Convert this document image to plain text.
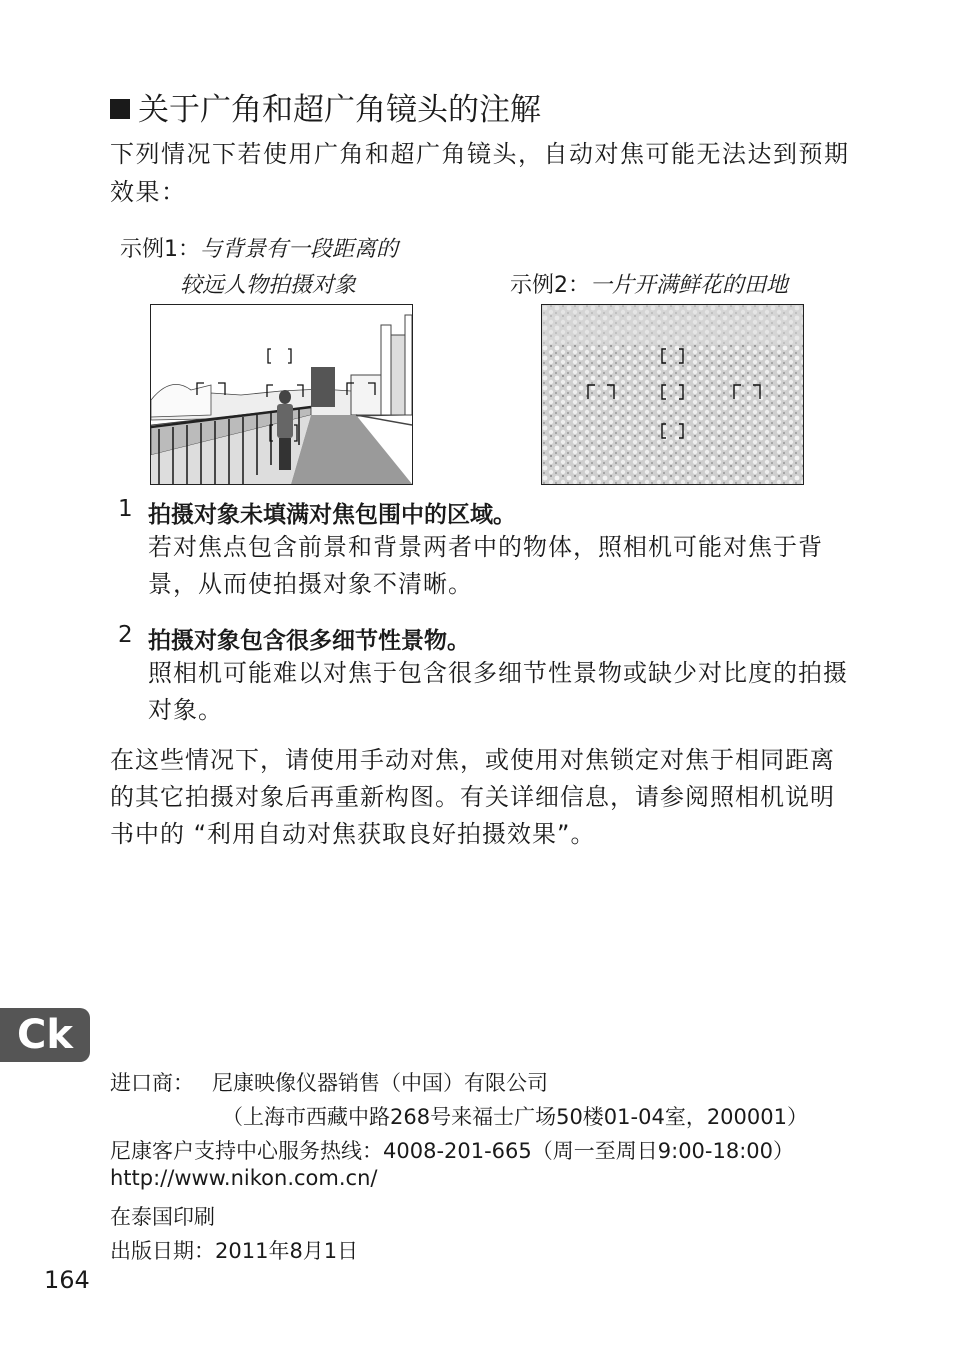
关于广角和超广角镜头的注解
下列情况下若使用广角和超广角镜头，自动对焦可能无法达到预期效果：
示例1：与背景有一段距离的
较远人物拍摄对象	示例2：一片开满鲜花的田地
1 拍摄对象未填满对焦包围中的区域。
若对焦点包含前景和背景两者中的物体，照相机可能对焦于背景，从而使拍摄对象不清晰。
2 拍摄对象包含很多细节性景物。
照相机可能难以对焦于包含很多细节性景物或缺少对比度的拍摄对象。
在这些情况下，请使用手动对焦，或使用对焦锁定对焦于相同距离的其它拍摄对象后再重新构图。有关详细信息，请参阅照相机说明书中的 “利用自动对焦获取良好拍摄效果”。
Ck
进口商： 尼康映像仪器销售（中国）有限公司
（上海市西藏中路268号来福士广场50楼01-04室，200001）
尼康客户支持中心服务热线：4008-201-665（周一至周日9:00-18:00）
http://www.nikon.com.cn/
在泰国印刷
出版日期：2011年8月1日
164
